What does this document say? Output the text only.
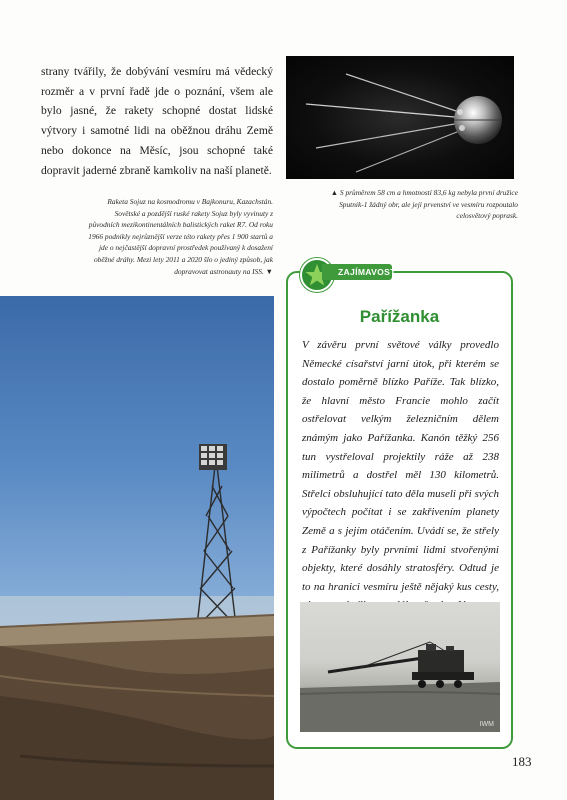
strany tvářily, že dobývání vesmíru má vědecký rozměr a v první řadě jde o poznání, všem ale bylo jasné, že rakety schopné dostat lidské výtvory i samotné lidi na oběžnou dráhu Země nebo dokonce na Měsíc, jsou schopné také dopravit jaderné zbraně kamkoliv na naší planetě.
▲ S průměrem 58 cm a hmotností 83,6 kg nebyla první družice Sputnik-1 žádný obr, ale její prvenství ve vesmíru rozpoutalo celosvětový poprask.
Raketa Sojuz na kosmodromu v Bajkonuru, Kazachstán. Sovětské a pozdější ruské rakety Sojuz byly vyvinuty z původních mezikontinentálních balistických raket R7. Od roku 1966 podnikly nejrůznější verze této rakety přes 1 900 startů a jde o nejčastější dopravní prostředek používaný k dosažení oběžné dráhy. Mezi lety 2011 a 2020 šlo o jediný způsob, jak dopravovat astronauty na ISS. ▼	ZAJÍMAVOST
Pařížanka
V závěru první světové války provedlo Německé císařství jarní útok, při kterém se dostalo poměrně blízko Paříže. Tak blízko, že hlavní město Francie mohlo začít ostřelovat velkým železničním dělem známým jako Pařížanka. Kanón těžký 256 tun vystřeloval projektily ráže až 238 milimetrů a dostřel měl 130 kilometrů. Střelci obsluhující tato děla museli při svých výpočtech počítat i se zakřivením planety Země a s jejím otáčením. Uvádí se, že střely z Pařížanky byly prvními lidmi stvořenými objekty, které dosáhly stratosféry. Odtud je to na hranici vesmíru ještě nějaký kus cesty,
IWM
183
